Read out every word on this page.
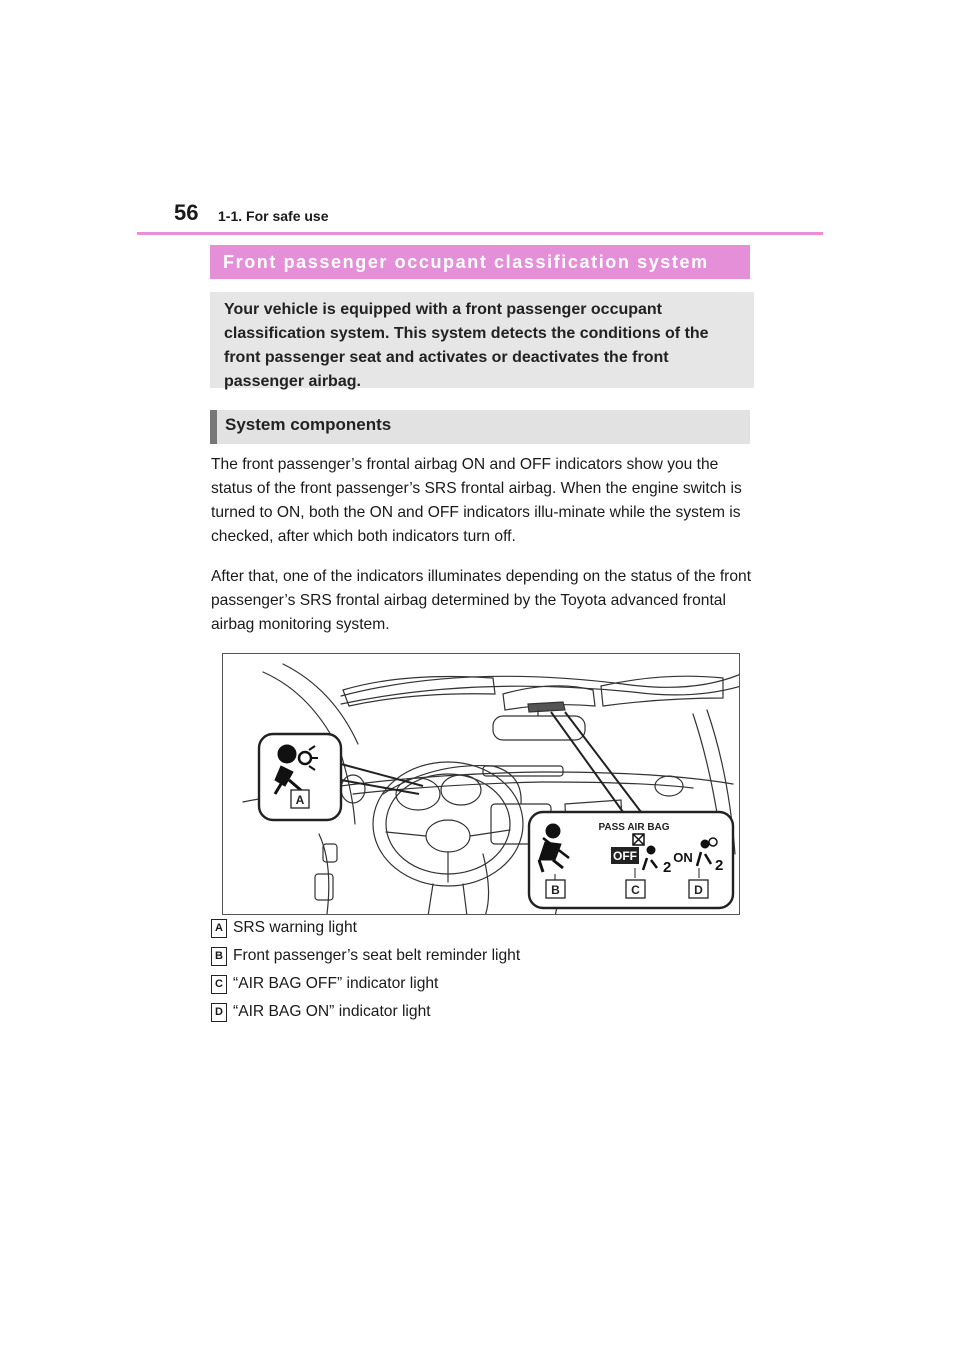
56 1-1. For safe use
Front passenger occupant classification system
Your vehicle is equipped with a front passenger occupant classification system. This system detects the conditions of the front passenger seat and activates or deactivates the front passenger airbag.
System components

The front passenger’s frontal airbag ON and OFF indicators show you the status of the front passenger’s SRS frontal airbag. When the engine switch is turned to ON, both the ON and OFF indicators illu-minate while the system is checked, after which both indicators turn off.

After that, one of the indicators illuminates depending on the status of the front passenger’s SRS frontal airbag determined by the Toyota advanced frontal airbag monitoring system.

A
PASS AIR BAG
OFF
2
ON 2
B	C	D
A SRS warning light
B Front passenger’s seat belt reminder light
C “AIR BAG OFF” indicator light
D “AIR BAG ON” indicator light
